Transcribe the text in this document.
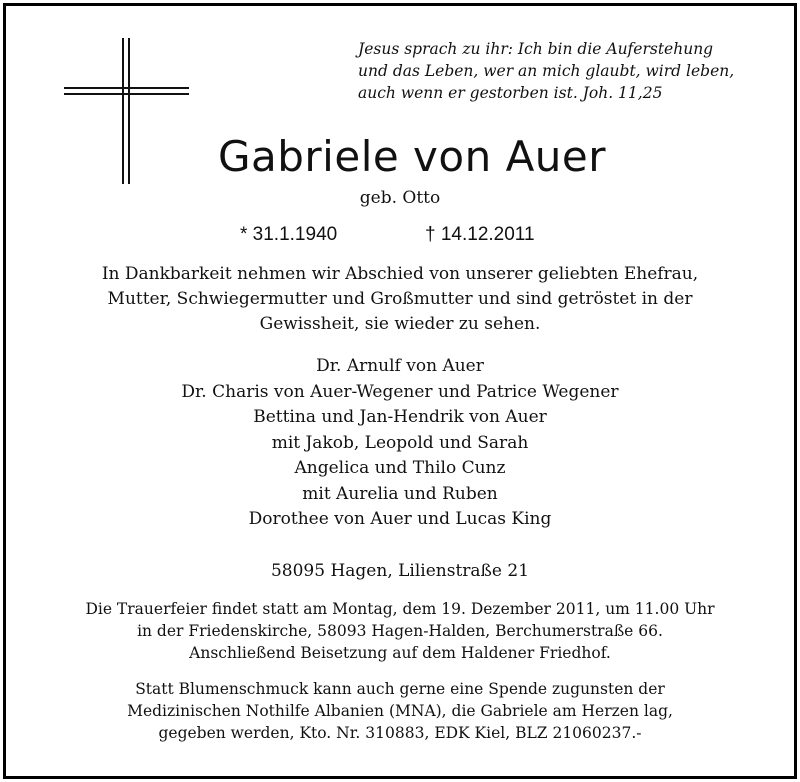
Jesus sprach zu ihr: Ich bin die Auferstehung
und das Leben, wer an mich glaubt, wird leben,
auch wenn er gestorben ist. Joh. 11,25
Gabriele von Auer
geb. Otto
* 31.1.1940	† 14.12.2011
In Dankbarkeit nehmen wir Abschied von unserer geliebten Ehefrau,
Mutter, Schwiegermutter und Großmutter und sind getröstet in der
Gewissheit, sie wieder zu sehen.
Dr. Arnulf von Auer
Dr. Charis von Auer-Wegener und Patrice Wegener
Bettina und Jan-Hendrik von Auer
mit Jakob, Leopold und Sarah
Angelica und Thilo Cunz
mit Aurelia und Ruben
Dorothee von Auer und Lucas King
58095 Hagen, Lilienstraße 21
Die Trauerfeier findet statt am Montag, dem 19. Dezember 2011, um 11.00 Uhr
in der Friedenskirche, 58093 Hagen-Halden, Berchumerstraße 66.
Anschließend Beisetzung auf dem Haldener Friedhof.
Statt Blumenschmuck kann auch gerne eine Spende zugunsten der
Medizinischen Nothilfe Albanien (MNA), die Gabriele am Herzen lag,
gegeben werden, Kto. Nr. 310883, EDK Kiel, BLZ 21060237.-
